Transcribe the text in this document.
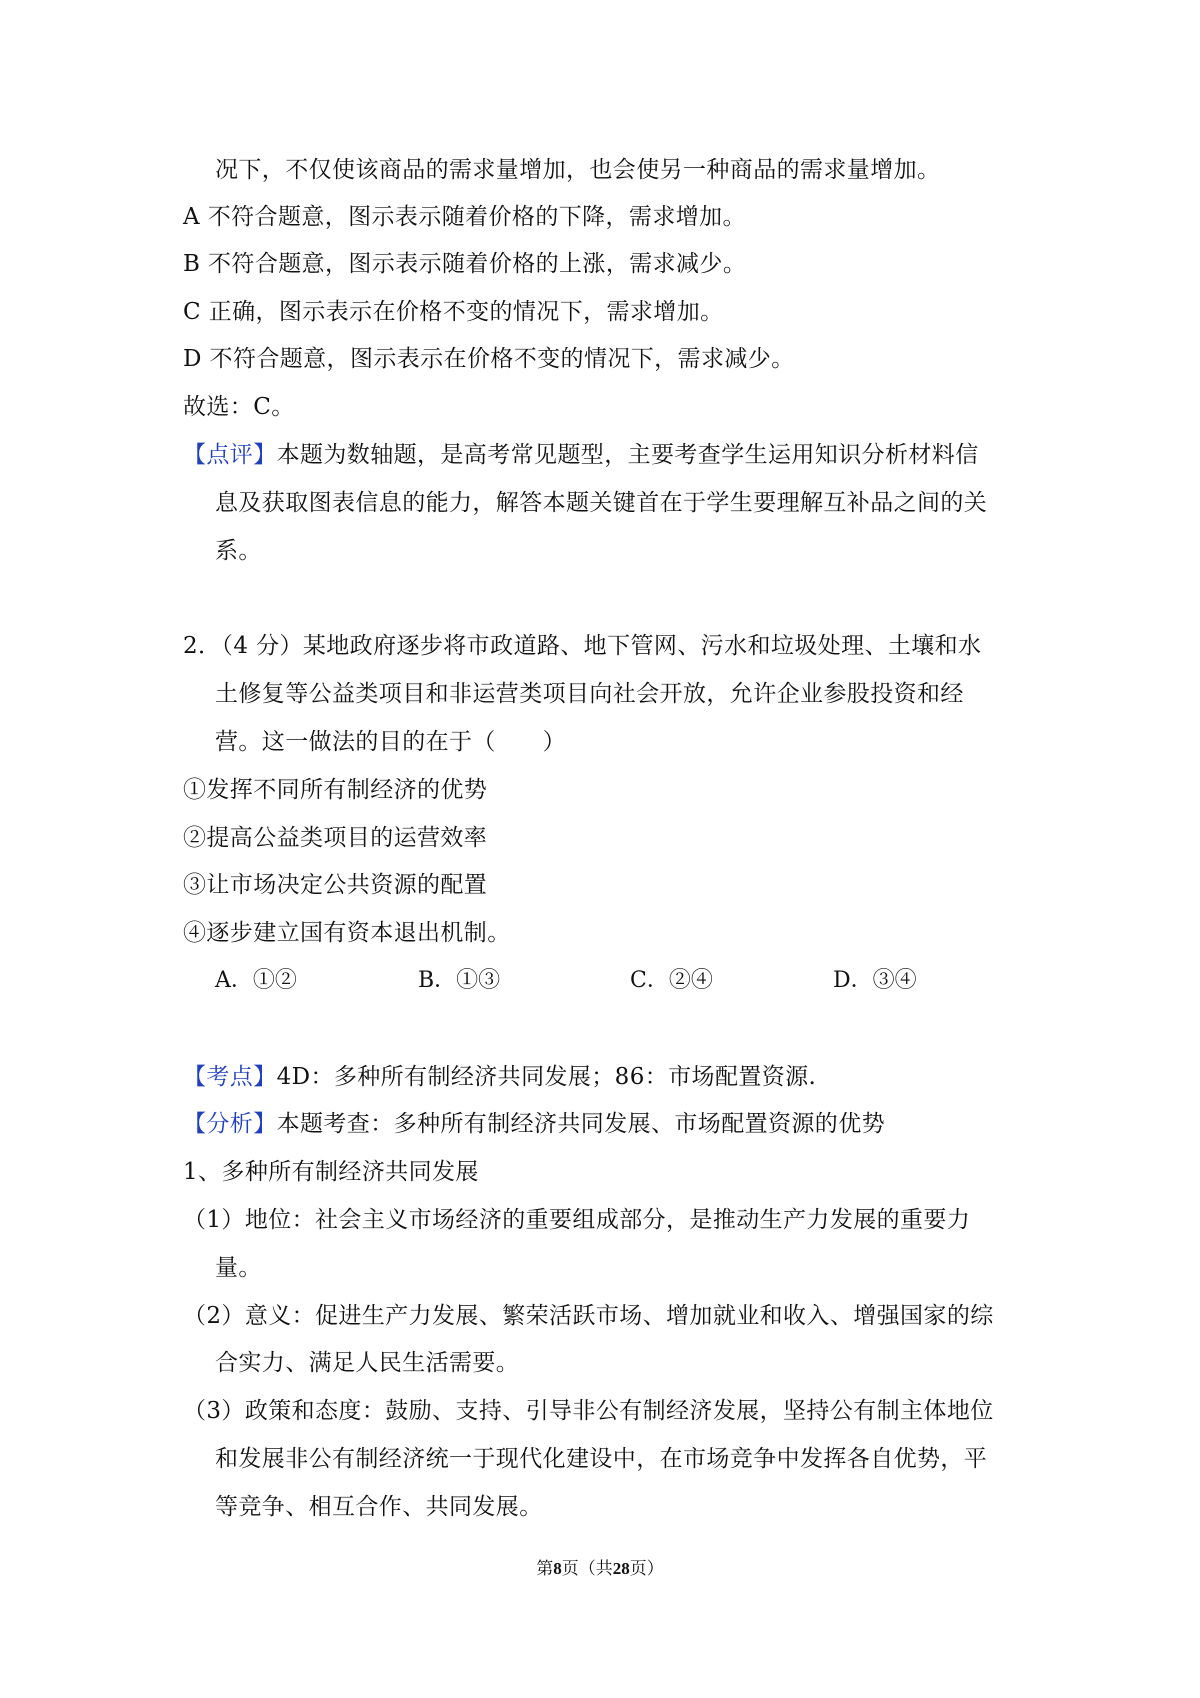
况下，不仅使该商品的需求量增加，也会使另一种商品的需求量增加。
A 不符合题意，图示表示随着价格的下降，需求增加。
B 不符合题意，图示表示随着价格的上涨，需求减少。
C 正确，图示表示在价格不变的情况下，需求增加。
D 不符合题意，图示表示在价格不变的情况下，需求减少。
故选：C。
【点评】本题为数轴题，是高考常见题型，主要考查学生运用知识分析材料信
息及获取图表信息的能力，解答本题关键首在于学生要理解互补品之间的关
系。
2．（4 分）某地政府逐步将市政道路、地下管网、污水和垃圾处理、土壤和水
土修复等公益类项目和非运营类项目向社会开放，允许企业参股投资和经
营。这一做法的目的在于（　　）
①发挥不同所有制经济的优势
②提高公益类项目的运营效率
③让市场决定公共资源的配置
④逐步建立国有资本退出机制。
A．①②	B．①③	C．②④	D．③④
【考点】4D：多种所有制经济共同发展；86：市场配置资源.
【分析】本题考查：多种所有制经济共同发展、市场配置资源的优势
1、多种所有制经济共同发展
（1）地位：社会主义市场经济的重要组成部分，是推动生产力发展的重要力
量。
（2）意义：促进生产力发展、繁荣活跃市场、增加就业和收入、增强国家的综
合实力、满足人民生活需要。
（3）政策和态度：鼓励、支持、引导非公有制经济发展，坚持公有制主体地位
和发展非公有制经济统一于现代化建设中，在市场竞争中发挥各自优势，平
等竞争、相互合作、共同发展。
第8页（共28页）
